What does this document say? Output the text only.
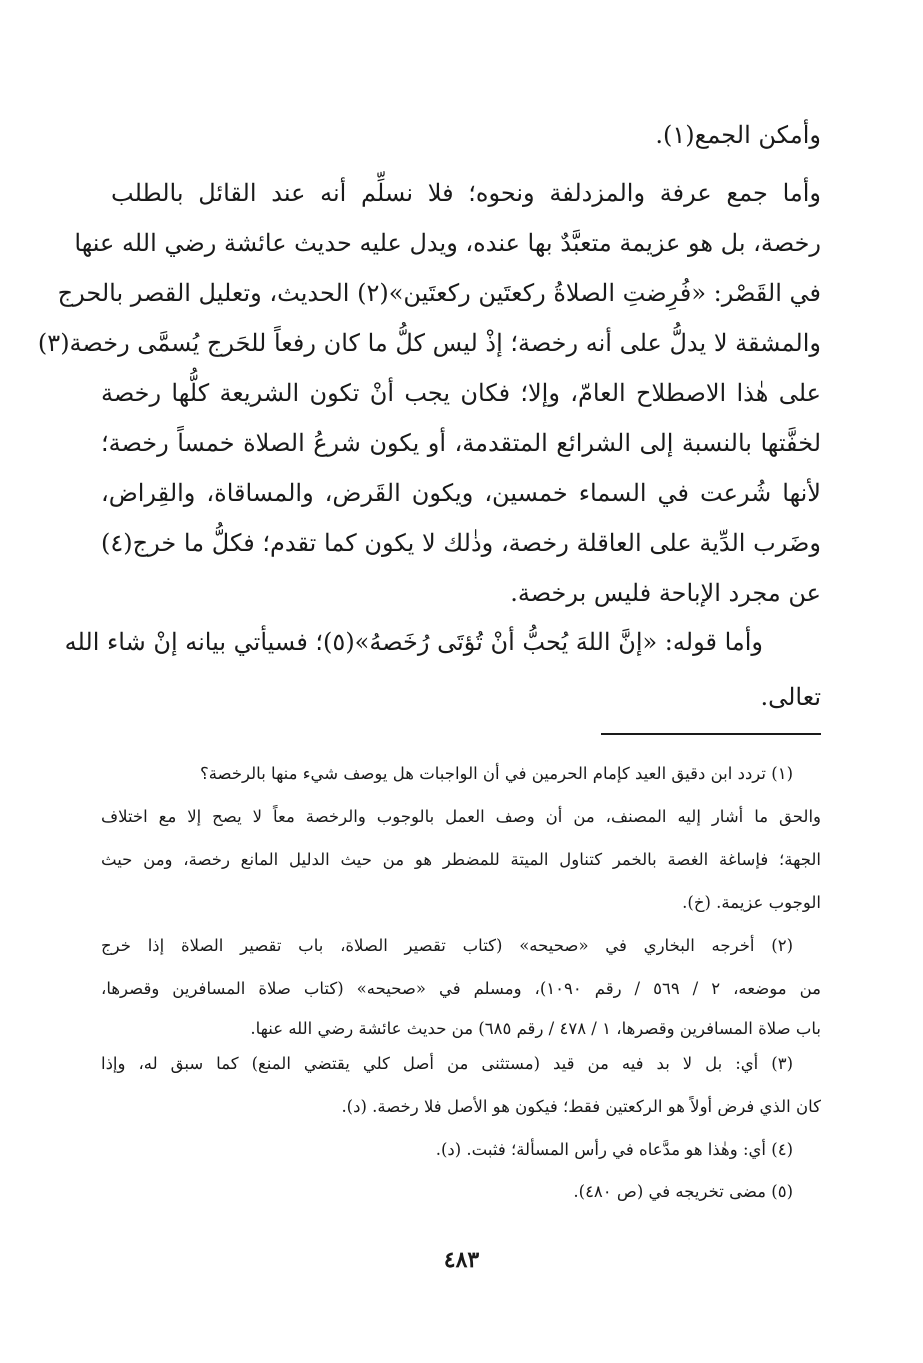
وأمكن الجمع(١).
وأما جمع عرفة والمزدلفة ونحوه؛ فلا نسلِّم أنه عند القائل بالطلب
رخصة، بل هو عزيمة متعبَّدٌ بها عنده، ويدل عليه حديث عائشة رضي الله عنها
في القَصْر: «فُرِضتِ الصلاةُ ركعتَين ركعتَين»(٢) الحديث، وتعليل القصر بالحرج
والمشقة لا يدلُّ على أنه رخصة؛ إذْ ليس كلُّ ما كان رفعاً للحَرج يُسمَّى رخصة(٣)
على هٰذا الاصطلاح العامّ، وإلا؛ فكان يجب أنْ تكون الشريعة كلُّها رخصة
لخفَّتها بالنسبة إلى الشرائع المتقدمة، أو يكون شرعُ الصلاة خمساً رخصة؛
لأنها شُرعت في السماء خمسين، ويكون القَرض، والمساقاة، والقِراض،
وضَرب الدِّية على العاقلة رخصة، وذٰلك لا يكون كما تقدم؛ فكلُّ ما خرج(٤)
عن مجرد الإباحة فليس برخصة.
وأما قوله: «إنَّ اللهَ يُحبُّ أنْ تُؤتَى رُخَصهُ»(٥)؛ فسيأتي بيانه إنْ شاء الله
تعالى.
(١) تردد ابن دقيق العيد كإمام الحرمين في أن الواجبات هل يوصف شيء منها بالرخصة؟
والحق ما أشار إليه المصنف، من أن وصف العمل بالوجوب والرخصة معاً لا يصح إلا مع اختلاف
الجهة؛ فإساغة الغصة بالخمر كتناول الميتة للمضطر هو من حيث الدليل المانع رخصة، ومن حيث
الوجوب عزيمة. (خ).
(٢) أخرجه البخاري في «صحيحه» (كتاب تقصير الصلاة، باب تقصير الصلاة إذا خرج
من موضعه، ٢ / ٥٦٩ / رقم ١٠٩٠)، ومسلم في «صحيحه» (كتاب صلاة المسافرين وقصرها،
باب صلاة المسافرين وقصرها، ١ / ٤٧٨ / رقم ٦٨٥) من حديث عائشة رضي الله عنها.
(٣) أي: بل لا بد فيه من قيد (مستثنى من أصل كلي يقتضي المنع) كما سبق له، وإذا
كان الذي فرض أولاً هو الركعتين فقط؛ فيكون هو الأصل فلا رخصة. (د).
(٤) أي: وهٰذا هو مدَّعاه في رأس المسألة؛ فثبت. (د).
(٥) مضى تخريجه في (ص ٤٨٠).
٤٨٣
